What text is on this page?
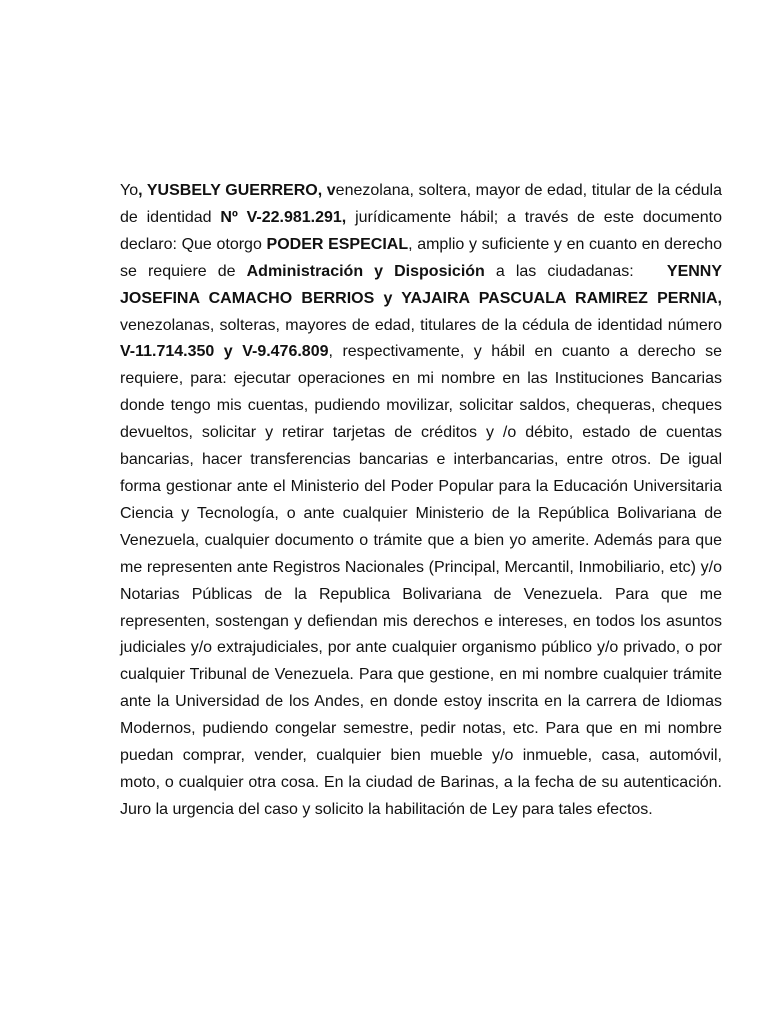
Yo, YUSBELY GUERRERO, venezolana, soltera, mayor de edad, titular de la cédula de identidad Nº V-22.981.291, jurídicamente hábil; a través de este documento declaro: Que otorgo PODER ESPECIAL, amplio y suficiente y en cuanto en derecho se requiere de Administración y Disposición a las ciudadanas:   YENNY JOSEFINA CAMACHO BERRIOS y YAJAIRA PASCUALA RAMIREZ PERNIA, venezolanas, solteras, mayores de edad, titulares de la cédula de identidad número V-11.714.350 y V-9.476.809, respectivamente, y hábil en cuanto a derecho se requiere, para: ejecutar operaciones en mi nombre en las Instituciones Bancarias donde tengo mis cuentas, pudiendo movilizar, solicitar saldos, chequeras, cheques devueltos, solicitar y retirar tarjetas de créditos y /o débito, estado de cuentas bancarias, hacer transferencias bancarias e interbancarias, entre otros. De igual forma gestionar ante el Ministerio del Poder Popular para la Educación Universitaria Ciencia y Tecnología, o ante cualquier Ministerio de la República Bolivariana de Venezuela, cualquier documento o trámite que a bien yo amerite. Además para que me representen ante Registros Nacionales (Principal, Mercantil, Inmobiliario, etc) y/o Notarias Públicas de la Republica Bolivariana de Venezuela. Para que me representen, sostengan y defiendan mis derechos e intereses, en todos los asuntos judiciales y/o extrajudiciales, por ante cualquier organismo público y/o privado, o por cualquier Tribunal de Venezuela. Para que gestione, en mi nombre cualquier trámite ante la Universidad de los Andes, en donde estoy inscrita en la carrera de Idiomas Modernos, pudiendo congelar semestre, pedir notas, etc. Para que en mi nombre puedan comprar, vender, cualquier bien mueble y/o inmueble, casa, automóvil, moto, o cualquier otra cosa. En la ciudad de Barinas, a la fecha de su autenticación. Juro la urgencia del caso y solicito la habilitación de Ley para tales efectos.
